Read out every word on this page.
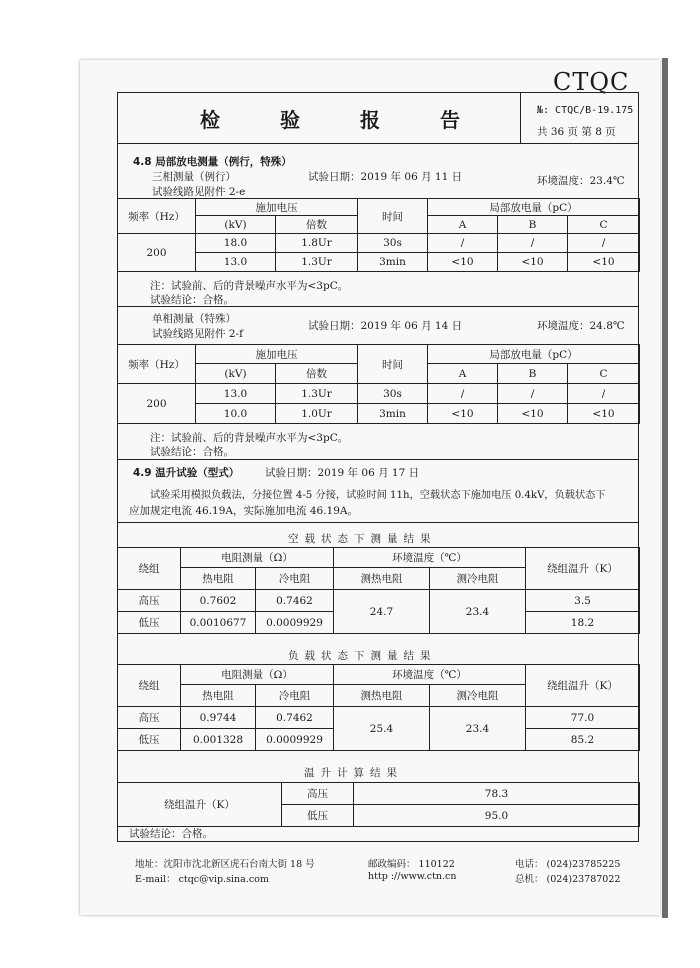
CTQC
检	验	报	告	№: CTQC/B-19.175
共 36 页 第 8 页
4.8 局部放电测量（例行，特殊）
三相测量（例行）	试验日期：2019 年 06 月 11 日	环境温度：23.4℃
试验线路见附件 2-e
频率（Hz）	施加电压		时间	局部放电量（pC）		
	(kV)	倍数		A	B	C
200	18.0	1.8Ur	30s	/	/	/
	13.0	1.3Ur	3min	<10	<10	<10
注：试验前、后的背景噪声水平为<3pC。
试验结论：合格。
单相测量（特殊）
试验日期：2019 年 06 月 14 日	环境温度：24.8℃
试验线路见附件 2-f
频率（Hz）	施加电压		时间	局部放电量（pC）		
	(kV)	倍数		A	B	C
200	13.0	1.3Ur	30s	/	/	/
	10.0	1.0Ur	3min	<10	<10	<10
注：试验前、后的背景噪声水平为<3pC。
试验结论：合格。
4.9 温升试验（型式） 试验日期：2019 年 06 月 17 日
试验采用模拟负载法，分接位置 4-5 分接，试验时间 11h，空载状态下施加电压 0.4kV，负载状态下
应加规定电流 46.19A，实际施加电流 46.19A。
空载状态下测量结果
绕组	电阻测量（Ω）		环境温度（℃）		绕组温升（K）
	热电阻	冷电阻	测热电阻	测冷电阻	
高压	0.7602	0.7462	24.7	23.4	3.5
低压	0.0010677	0.0009929			18.2
负载状态下测量结果
绕组	电阻测量（Ω）		环境温度（℃）		绕组温升（K）
	热电阻	冷电阻	测热电阻	测冷电阻	
高压	0.9744	0.7462	25.4	23.4	77.0
低压	0.001328	0.0009929			85.2
温升计算结果
绕组温升（K）	高压	78.3
	低压	95.0
试验结论：合格。
地址：沈阳市沈北新区虎石台南大街 18 号	邮政编码： 110122	电话： (024)23785225
E-mail： ctqc@vip.sina.com	http ://www.ctn.cn	总机： (024)23787022
